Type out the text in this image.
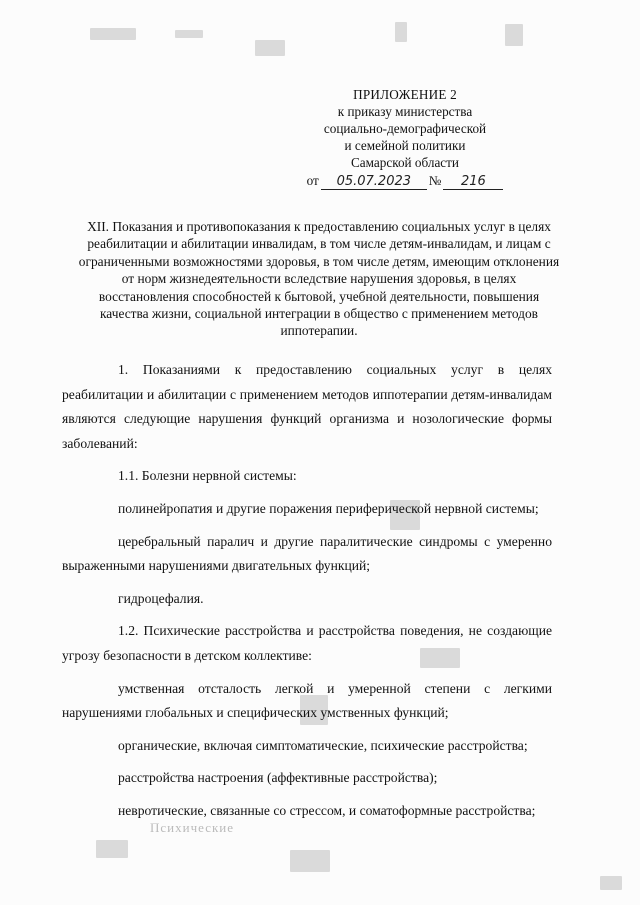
ПРИЛОЖЕНИЕ 2
к приказу министерства
социально-демографической
и семейной политики
Самарской области
от	05.07.2023	№	216
XII. Показания и противопоказания к предоставлению социальных услуг в целях реабилитации и абилитации инвалидам, в том числе детям-инвалидам, и лицам с ограниченными возможностями здоровья, в том числе детям, имеющим отклонения от норм жизнедеятельности вследствие нарушения здоровья, в целях восстановления способностей к бытовой, учебной деятельности, повышения качества жизни, социальной интеграции в общество с применением методов иппотерапии.

1. Показаниями к предоставлению социальных услуг в целях реабилитации и абилитации с применением методов иппотерапии детям-инвалидам являются следующие нарушения функций организма и нозологические формы заболеваний:

1.1. Болезни нервной системы:

полинейропатия и другие поражения периферической нервной системы;

церебральный паралич и другие паралитические синдромы с умеренно выраженными нарушениями двигательных функций;

гидроцефалия.

1.2. Психические расстройства и расстройства поведения, не создающие угрозу безопасности в детском коллективе:

умственная отсталость легкой и умеренной степени с легкими нарушениями глобальных и специфических умственных функций;

органические, включая симптоматические, психические расстройства;

расстройства настроения (аффективные расстройства);

невротические, связанные со стрессом, и соматоформные расстройства;

Психические
